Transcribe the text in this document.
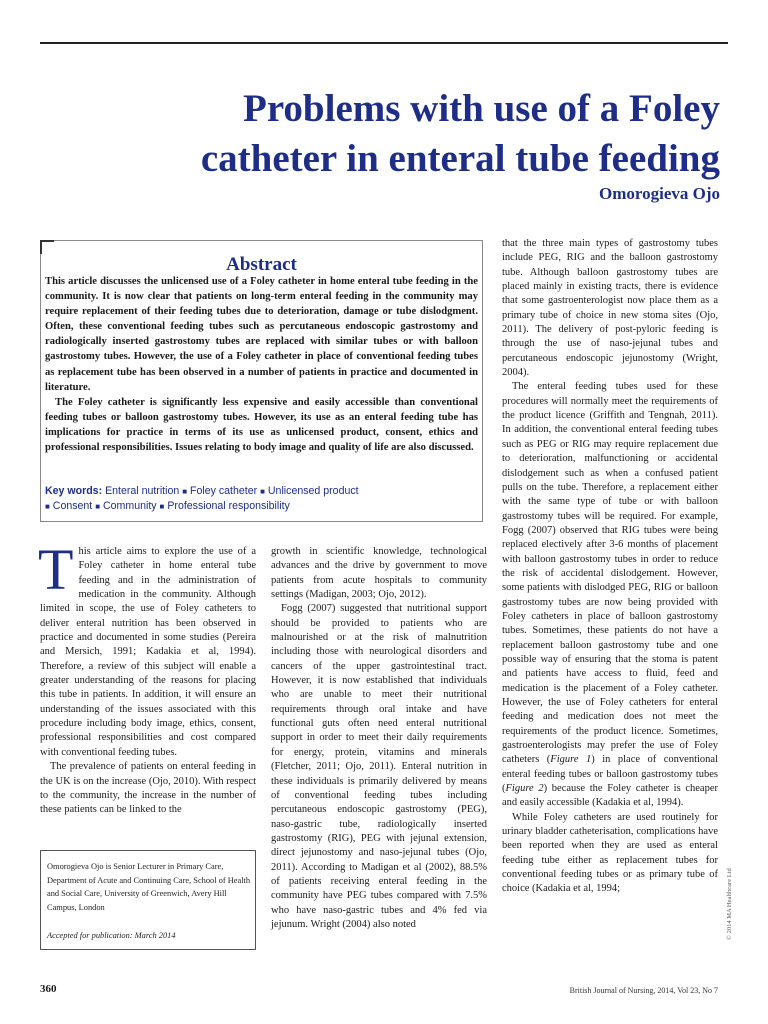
Problems with use of a Foley
catheter in enteral tube feeding
Omorogieva Ojo
Abstract

This article discusses the unlicensed use of a Foley catheter in home enteral tube feeding in the community. It is now clear that patients on long-term enteral feeding in the community may require replacement of their feeding tubes due to deterioration, damage or tube dislodgment. Often, these conventional feeding tubes such as percutaneous endoscopic gastrostomy and radiologically inserted gastrostomy tubes are replaced with similar tubes or with balloon gastrostomy tubes. However, the use of a Foley catheter in place of conventional feeding tubes as replacement tube has been observed in a number of patients in practice and documented in literature.

The Foley catheter is significantly less expensive and easily accessible than conventional feeding tubes or balloon gastrostomy tubes. However, its use as an enteral feeding tube has implications for practice in terms of its use as unlicensed product, consent, ethics and professional responsibilities. Issues relating to body image and quality of life are also discussed.

Key words: Enteral nutrition ■ Foley catheter ■ Unlicensed product
■ Consent ■ Community ■ Professional responsibility

This article aims to explore the use of a Foley catheter in home enteral tube feeding and in the administration of medication in the community. Although limited in scope, the use of Foley catheters to deliver enteral nutrition has been observed in practice and documented in some studies (Pereira and Mersich, 1991; Kadakia et al, 1994). Therefore, a review of this subject will enable a greater understanding of the reasons for placing this tube in patients. In addition, it will ensure an understanding of the issues associated with this procedure including body image, ethics, consent, professional responsibilities and cost compared with conventional feeding tubes.

The prevalence of patients on enteral feeding in the UK is on the increase (Ojo, 2010). With respect to the community, the increase in the number of these patients can be linked to the

Omorogieva Ojo is Senior Lecturer in Primary Care, Department of Acute and Continuing Care, School of Health and Social Care, University of Greenwich, Avery Hill Campus, London
Accepted for publication: March 2014

growth in scientific knowledge, technological advances and the drive by government to move patients from acute hospitals to community settings (Madigan, 2003; Ojo, 2012).

Fogg (2007) suggested that nutritional support should be provided to patients who are malnourished or at the risk of malnutrition including those with neurological disorders and cancers of the upper gastrointestinal tract. However, it is now established that individuals who are unable to meet their nutritional requirements through oral intake and have functional guts often need enteral nutritional support in order to meet their daily requirements for energy, protein, vitamins and minerals (Fletcher, 2011; Ojo, 2011). Enteral nutrition in these individuals is primarily delivered by means of conventional feeding tubes including percutaneous endoscopic gastrostomy (PEG), naso-gastric tube, radiologically inserted gastrostomy (RIG), PEG with jejunal extension, direct jejunostomy and naso-jejunal tubes (Ojo, 2011). According to Madigan et al (2002), 88.5% of patients receiving enteral feeding in the community have PEG tubes compared with 7.5% who have naso-gastric tubes and 4% fed via jejunum. Wright (2004) also noted

that the three main types of gastrostomy tubes include PEG, RIG and the balloon gastrostomy tube. Although balloon gastrostomy tubes are placed mainly in existing tracts, there is evidence that some gastroenterologist now place them as a primary tube of choice in new stoma sites (Ojo, 2011). The delivery of post-pyloric feeding is through the use of naso-jejunal tubes and percutaneous endoscopic jejunostomy (Wright, 2004).

The enteral feeding tubes used for these procedures will normally meet the requirements of the product licence (Griffith and Tengnah, 2011). In addition, the conventional enteral feeding tubes such as PEG or RIG may require replacement due to deterioration, malfunctioning or accidental dislodgement such as when a confused patient pulls on the tube. Therefore, a replacement either with the same type of tube or with balloon gastrostomy tubes will be required. For example, Fogg (2007) observed that RIG tubes were being replaced electively after 3-6 months of placement with balloon gastrostomy tubes in order to reduce the risk of accidental dislodgement. However, some patients with dislodged PEG, RIG or balloon gastrostomy tubes are now being provided with Foley catheters in place of balloon gastrostomy tubes. Sometimes, these patients do not have a replacement balloon gastrostomy tube and one possible way of ensuring that the stoma is patent and patients have access to fluid, feed and medication is the placement of a Foley catheter. However, the use of Foley catheters for enteral feeding and medication does not meet the requirements of the product licence. Sometimes, gastroenterologists may prefer the use of Foley catheters (Figure 1) in place of conventional enteral feeding tubes or balloon gastrostomy tubes (Figure 2) because the Foley catheter is cheaper and easily accessible (Kadakia et al, 1994).

While Foley catheters are used routinely for urinary bladder catheterisation, complications have been reported when they are used as enteral feeding tube either as replacement tubes for conventional feeding tubes or as primary tube of choice (Kadakia et al, 1994;	© 2014 MA Healthcare Ltd
360	British Journal of Nursing, 2014, Vol 23, No 7
